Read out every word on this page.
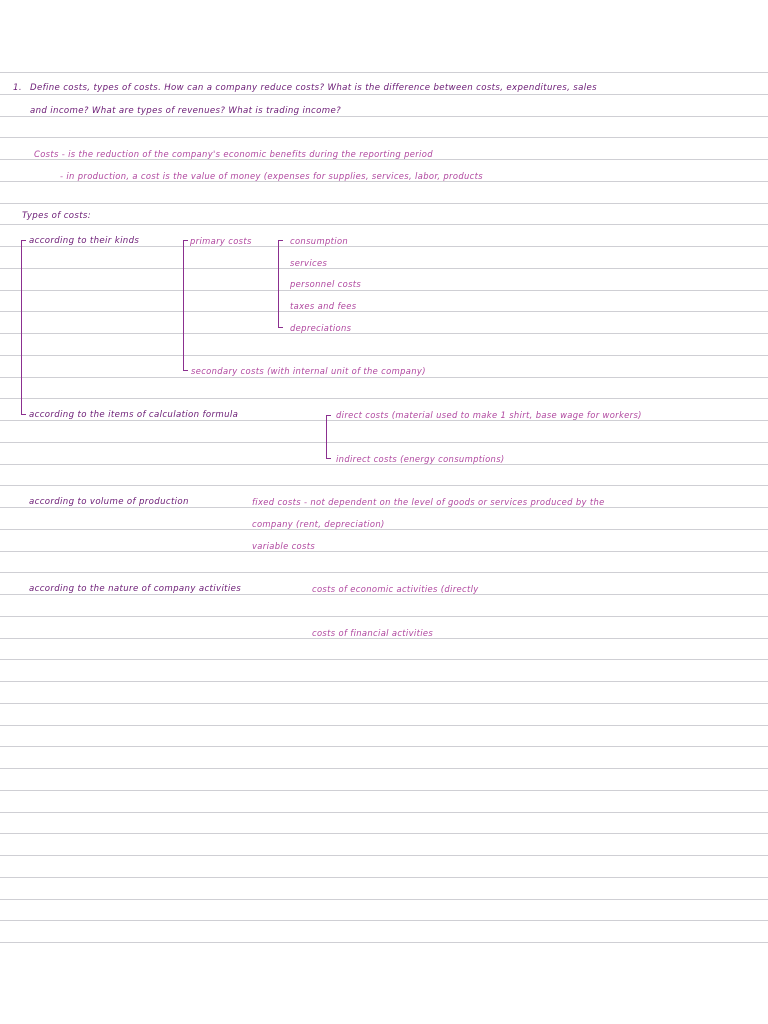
1. Define costs, types of costs. How can a company reduce costs? What is the difference between costs, expenditures, sales
and income? What are types of revenues? What is trading income?
Costs - is the reduction of the company's economic benefits during the reporting period
- in production, a cost is the value of money (expenses for supplies, services, labor, products
Types of costs:
according to their kinds	primary costs	consumption
services
personnel costs
taxes and fees
depreciations
secondary costs (with internal unit of the company)
according to the items of calculation formula	direct costs (material used to make 1 shirt, base wage for workers)
indirect costs (energy consumptions)
according to volume of production	fixed costs - not dependent on the level of goods or services produced by the
company (rent, depreciation)
variable costs
according to the nature of company activities	costs of economic activities (directly
costs of financial activities
